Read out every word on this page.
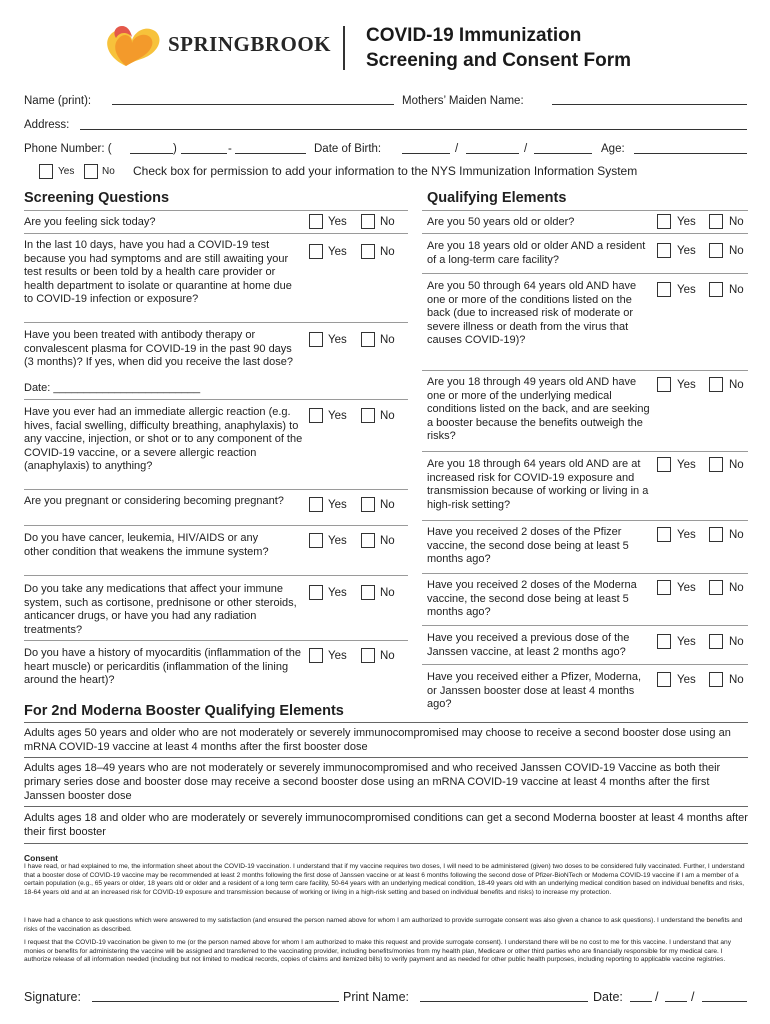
SPRINGBROOK COVID-19 Immunization
Screening and Consent Form
Name (print):	Mothers’ Maiden Name:
Address:
Phone Number: (	)	-	Date of Birth:	/	/	Age:
Yes	No Check box for permission to add your information to the NYS Immunization Information System
Screening Questions	Qualifying Elements
Are you feeling sick today?	Yes	No
In the last 10 days, have you had a COVID-19 test because you had symptoms and are still awaiting your test results or been told by a health care provider or health department to isolate or quarantine at home due to COVID-19 infection or exposure?
Yes	No
Have you been treated with antibody therapy or convalescent plasma for COVID-19 in the past 90 days (3 months)? If yes, when did you receive the last dose?
Date: ________________________
Yes	No
Have you ever had an immediate allergic reaction (e.g. hives, facial swelling, difficulty breathing, anaphylaxis) to any vaccine, injection, or shot or to any component of the COVID-19 vaccine, or a severe allergic reaction (anaphylaxis) to anything?
Yes	No
Are you pregnant or considering becoming pregnant?	Yes	No
Do you have cancer, leukemia, HIV/AIDS or any other condition that weakens the immune system?
Yes	No
Do you take any medications that affect your immune system, such as cortisone, prednisone or other steroids, anticancer drugs, or have you had any radiation treatments?
Yes	No
Do you have a history of myocarditis (inflammation of the heart muscle) or pericarditis (inflammation of the lining around the heart)?
Yes	No
Are you 50 years old or older?	Yes	No
Are you 18 years old or older AND a resident of a long-term care facility?
Yes	No
Are you 50 through 64 years old AND have one or more of the conditions listed on the back (due to increased risk of moderate or severe illness or death from the virus that causes COVID-19)?
Yes	No
Are you 18 through 49 years old AND have one or more of the underlying medical conditions listed on the back, and are seeking a booster because the benefits outweigh the risks?
Yes	No
Are you 18 through 64 years old AND are at increased risk for COVID-19 exposure and transmission because of working or living in a high-risk setting?
Yes	No
Have you received 2 doses of the Pfizer vaccine, the second dose being at least 5 months ago?
Yes	No
Have you received 2 doses of the Moderna vaccine, the second dose being at least 5 months ago?
Yes	No
Have you received a previous dose of the Janssen vaccine, at least 2 months ago?
Yes	No
Have you received either a Pfizer, Moderna, or Janssen booster dose at least 4 months ago?
Yes	No
For 2nd Moderna Booster Qualifying Elements
Adults ages 50 years and older who are not moderately or severely immunocompromised may choose to receive a second booster dose using an mRNA COVID-19 vaccine at least 4 months after the first booster dose
Adults ages 18–49 years who are not moderately or severely immunocompromised and who received Janssen COVID-19 Vaccine as both their primary series dose and booster dose may receive a second booster dose using an mRNA COVID-19 vaccine at least 4 months after the first Janssen booster dose
Adults ages 18 and older who are moderately or severely immunocompromised conditions can get a second Moderna booster at least 4 months after their first booster
Consent
I have read, or had explained to me, the information sheet about the COVID-19 vaccination. I understand that if my vaccine requires two doses, I will need to be administered (given) two doses to be considered fully vaccinated. Further, I understand that a booster dose of COVID-19 vaccine may be recommended at least 2 months following the first dose of Janssen vaccine or at least 6 months following the second dose of Pfizer-BioNTech or Moderna COVID-19 vaccine if I am a member of a certain population (e.g., 65 years or older, 18 years old or older and a resident of a long term care facility, 50-64 years with an underlying medical condition, 18-49 years old with an underlying medical condition based on individual benefits and risks, 18-64 years old and at an increased risk for COVID-19 exposure and transmission because of working or living in a high-risk setting and based on individual benefits and risks) to increase my protection.
I have had a chance to ask questions which were answered to my satisfaction (and ensured the person named above for whom I am authorized to provide surrogate consent was also given a chance to ask questions). I understand the benefits and risks of the vaccination as described.
I request that the COVID-19 vaccination be given to me (or the person named above for whom I am authorized to make this request and provide surrogate consent). I understand there will be no cost to me for this vaccine. I understand that any monies or benefits for administering the vaccine will be assigned and transferred to the vaccinating provider, including benefits/monies from my health plan, Medicare or other third parties who are financially responsible for my medical care. I authorize release of all information needed (including but not limited to medical records, copies of claims and itemized bills) to verify payment and as needed for other public health purposes, including reporting to applicable vaccine registries.
Signature:	Print Name:	Date:	/	/
